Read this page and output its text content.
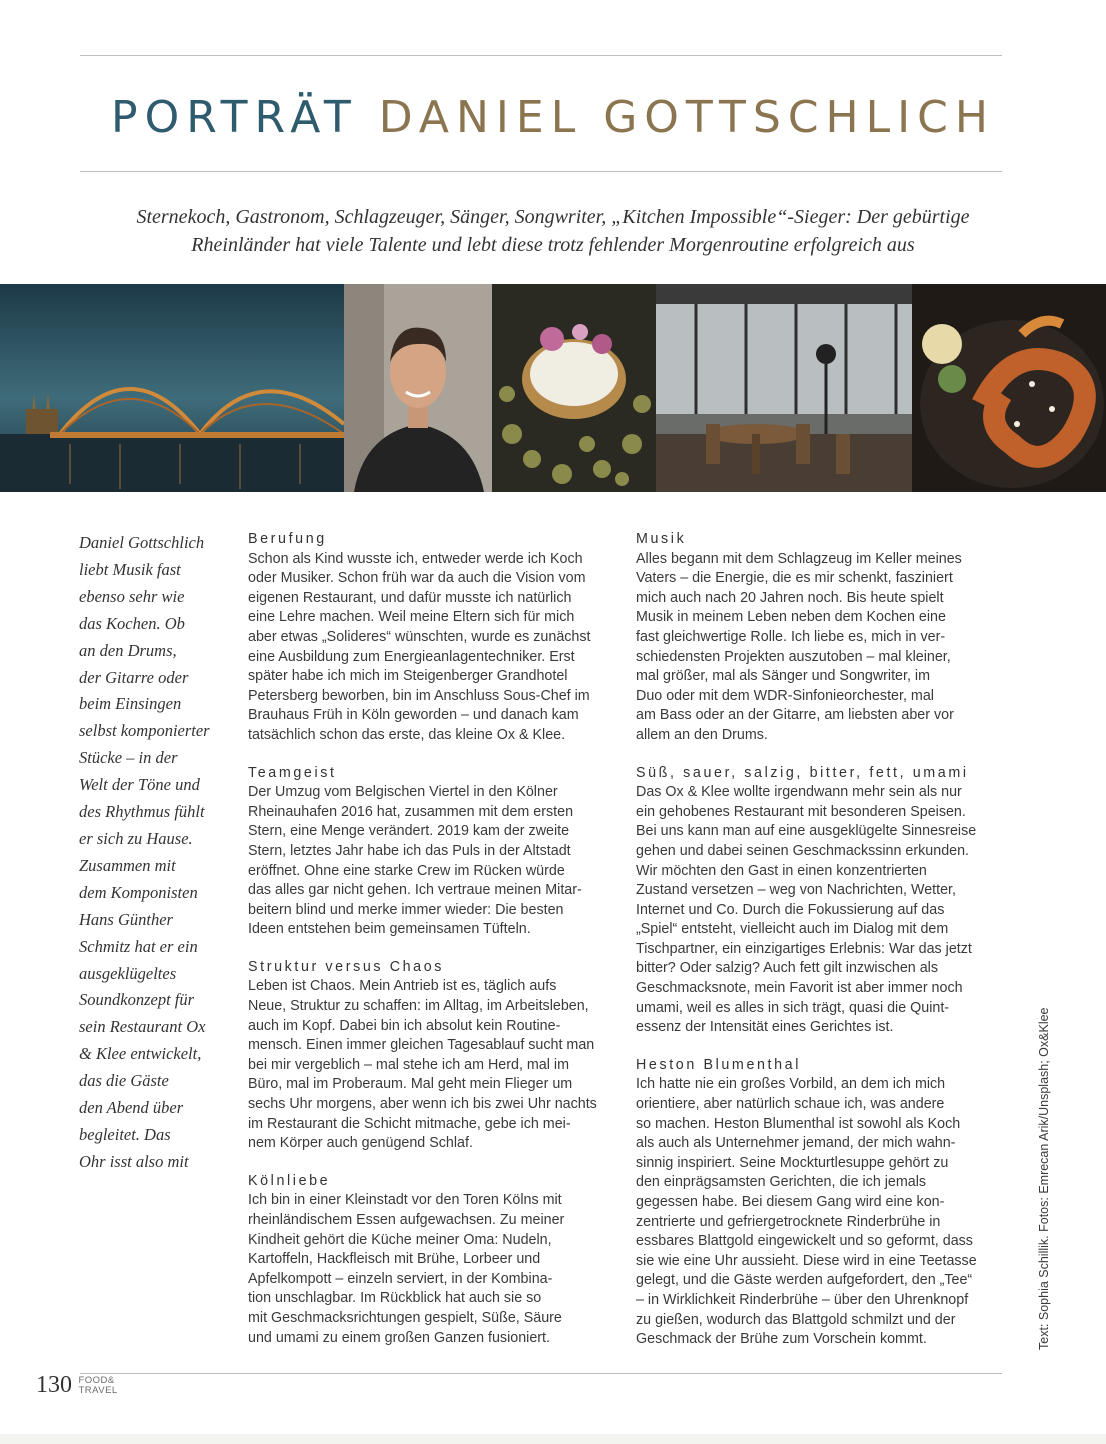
PORTRÄT DANIEL GOTTSCHLICH
Sternekoch, Gastronom, Schlagzeuger, Sänger, Songwriter, „Kitchen Impossible“-Sieger: Der gebürtige
Rheinländer hat viele Talente und lebt diese trotz fehlender Morgenroutine erfolgreich aus
Daniel Gottschlich
liebt Musik fast
ebenso sehr wie
das Kochen. Ob
an den Drums,
der Gitarre oder
beim Einsingen
selbst komponierter
Stücke – in der
Welt der Töne und
des Rhythmus fühlt
er sich zu Hause.
Zusammen mit
dem Komponisten
Hans Günther
Schmitz hat er ein
ausgeklügeltes
Soundkonzept für
sein Restaurant Ox
& Klee entwickelt,
das die Gäste
den Abend über
begleitet. Das
Ohr isst also mit
Berufung
Schon als Kind wusste ich, entweder werde ich Koch
oder Musiker. Schon früh war da auch die Vision vom
eigenen Restaurant, und dafür musste ich natürlich
eine Lehre machen. Weil meine Eltern sich für mich
aber etwas „Solideres“ wünschten, wurde es zunächst
eine Ausbildung zum Energieanlagentechniker. Erst
später habe ich mich im Steigenberger Grandhotel
Petersberg beworben, bin im Anschluss Sous-Chef im
Brauhaus Früh in Köln geworden – und danach kam
tatsächlich schon das erste, das kleine Ox & Klee.
Teamgeist
Der Umzug vom Belgischen Viertel in den Kölner
Rheinauhafen 2016 hat, zusammen mit dem ersten
Stern, eine Menge verändert. 2019 kam der zweite
Stern, letztes Jahr habe ich das Puls in der Altstadt
eröffnet. Ohne eine starke Crew im Rücken würde
das alles gar nicht gehen. Ich vertraue meinen Mitar-
beitern blind und merke immer wieder: Die besten
Ideen entstehen beim gemeinsamen Tüfteln.
Struktur versus Chaos
Leben ist Chaos. Mein Antrieb ist es, täglich aufs
Neue, Struktur zu schaffen: im Alltag, im Arbeitsleben,
auch im Kopf. Dabei bin ich absolut kein Routine-
mensch. Einen immer gleichen Tagesablauf sucht man
bei mir vergeblich – mal stehe ich am Herd, mal im
Büro, mal im Proberaum. Mal geht mein Flieger um
sechs Uhr morgens, aber wenn ich bis zwei Uhr nachts
im Restaurant die Schicht mitmache, gebe ich mei-
nem Körper auch genügend Schlaf.
Kölnliebe
Ich bin in einer Kleinstadt vor den Toren Kölns mit
rheinländischem Essen aufgewachsen. Zu meiner
Kindheit gehört die Küche meiner Oma: Nudeln,
Kartoffeln, Hackfleisch mit Brühe, Lorbeer und
Apfelkompott – einzeln serviert, in der Kombina-
tion unschlagbar. Im Rückblick hat auch sie so
mit Geschmacksrichtungen gespielt, Süße, Säure
und umami zu einem großen Ganzen fusioniert.
Musik
Alles begann mit dem Schlagzeug im Keller meines
Vaters – die Energie, die es mir schenkt, fasziniert
mich auch nach 20 Jahren noch. Bis heute spielt
Musik in meinem Leben neben dem Kochen eine
fast gleichwertige Rolle. Ich liebe es, mich in ver-
schiedensten Projekten auszutoben – mal kleiner,
mal größer, mal als Sänger und Songwriter, im
Duo oder mit dem WDR-Sinfonieorchester, mal
am Bass oder an der Gitarre, am liebsten aber vor
allem an den Drums.
Süß, sauer, salzig, bitter, fett, umami
Das Ox & Klee wollte irgendwann mehr sein als nur
ein gehobenes Restaurant mit besonderen Speisen.
Bei uns kann man auf eine ausgeklügelte Sinnesreise
gehen und dabei seinen Geschmackssinn erkunden.
Wir möchten den Gast in einen konzentrierten
Zustand versetzen – weg von Nachrichten, Wetter,
Internet und Co. Durch die Fokussierung auf das
„Spiel“ entsteht, vielleicht auch im Dialog mit dem
Tischpartner, ein einzigartiges Erlebnis: War das jetzt
bitter? Oder salzig? Auch fett gilt inzwischen als
Geschmacksnote, mein Favorit ist aber immer noch
umami, weil es alles in sich trägt, quasi die Quint-
essenz der Intensität eines Gerichtes ist.
Heston Blumenthal
Ich hatte nie ein großes Vorbild, an dem ich mich
orientiere, aber natürlich schaue ich, was andere
so machen. Heston Blumenthal ist sowohl als Koch
als auch als Unternehmer jemand, der mich wahn-
sinnig inspiriert. Seine Mockturtlesuppe gehört zu
den einprägsamsten Gerichten, die ich jemals
gegessen habe. Bei diesem Gang wird eine kon-
zentrierte und gefriergetrocknete Rinderbrühe in
essbares Blattgold eingewickelt und so geformt, dass
sie wie eine Uhr aussieht. Diese wird in eine Teetasse
gelegt, und die Gäste werden aufgefordert, den „Tee“
– in Wirklichkeit Rinderbrühe – über den Uhrenknopf
zu gießen, wodurch das Blattgold schmilzt und der
Geschmack der Brühe zum Vorschein kommt.	Text: Sophia Schillik. Fotos: Emrecan Arik/Unsplash; Ox&Klee
130 FOOD&
TRAVEL
